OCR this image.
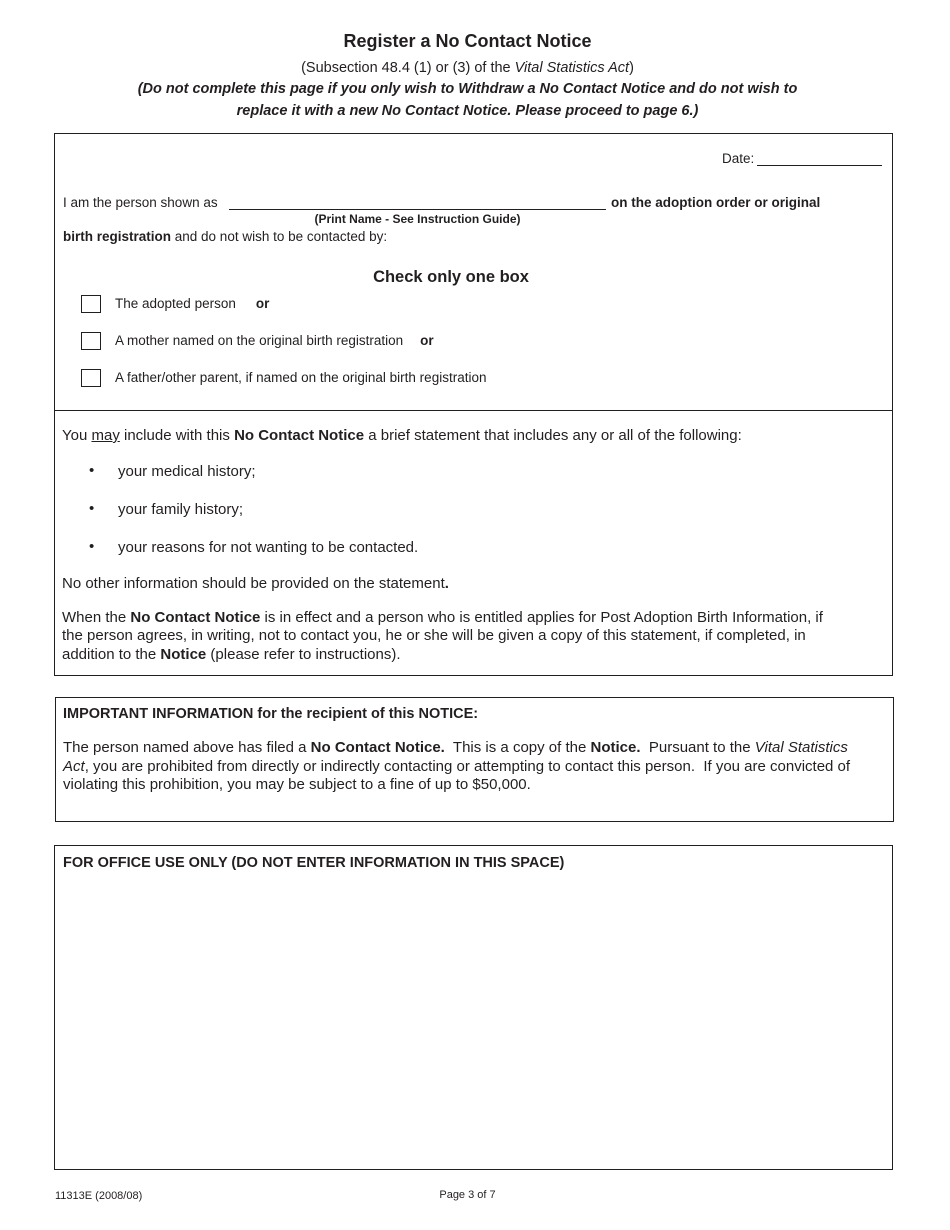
Register a No Contact Notice
(Subsection 48.4 (1) or (3) of the Vital Statistics Act)
(Do not complete this page if you only wish to Withdraw a No Contact Notice and do not wish to
replace it with a new No Contact Notice. Please proceed to page 6.)
Date:
I am the person shown as	on the adoption order or original
(Print Name - See Instruction Guide)
birth registration and do not wish to be contacted by:
Check only one box
The adopted person or
A mother named on the original birth registration or
A father/other parent, if named on the original birth registration
You may include with this No Contact Notice a brief statement that includes any or all of the following:
• your medical history;
• your family history;
• your reasons for not wanting to be contacted.
No other information should be provided on the statement.
When the No Contact Notice is in effect and a person who is entitled applies for Post Adoption Birth Information, if
the person agrees, in writing, not to contact you, he or she will be given a copy of this statement, if completed, in
addition to the Notice (please refer to instructions).
IMPORTANT INFORMATION for the recipient of this NOTICE:
The person named above has filed a No Contact Notice.  This is a copy of the Notice.  Pursuant to the Vital Statistics
Act, you are prohibited from directly or indirectly contacting or attempting to contact this person.  If you are convicted of
violating this prohibition, you may be subject to a fine of up to $50,000.
FOR OFFICE USE ONLY (DO NOT ENTER INFORMATION IN THIS SPACE)
11313E (2008/08)	Page 3 of 7
